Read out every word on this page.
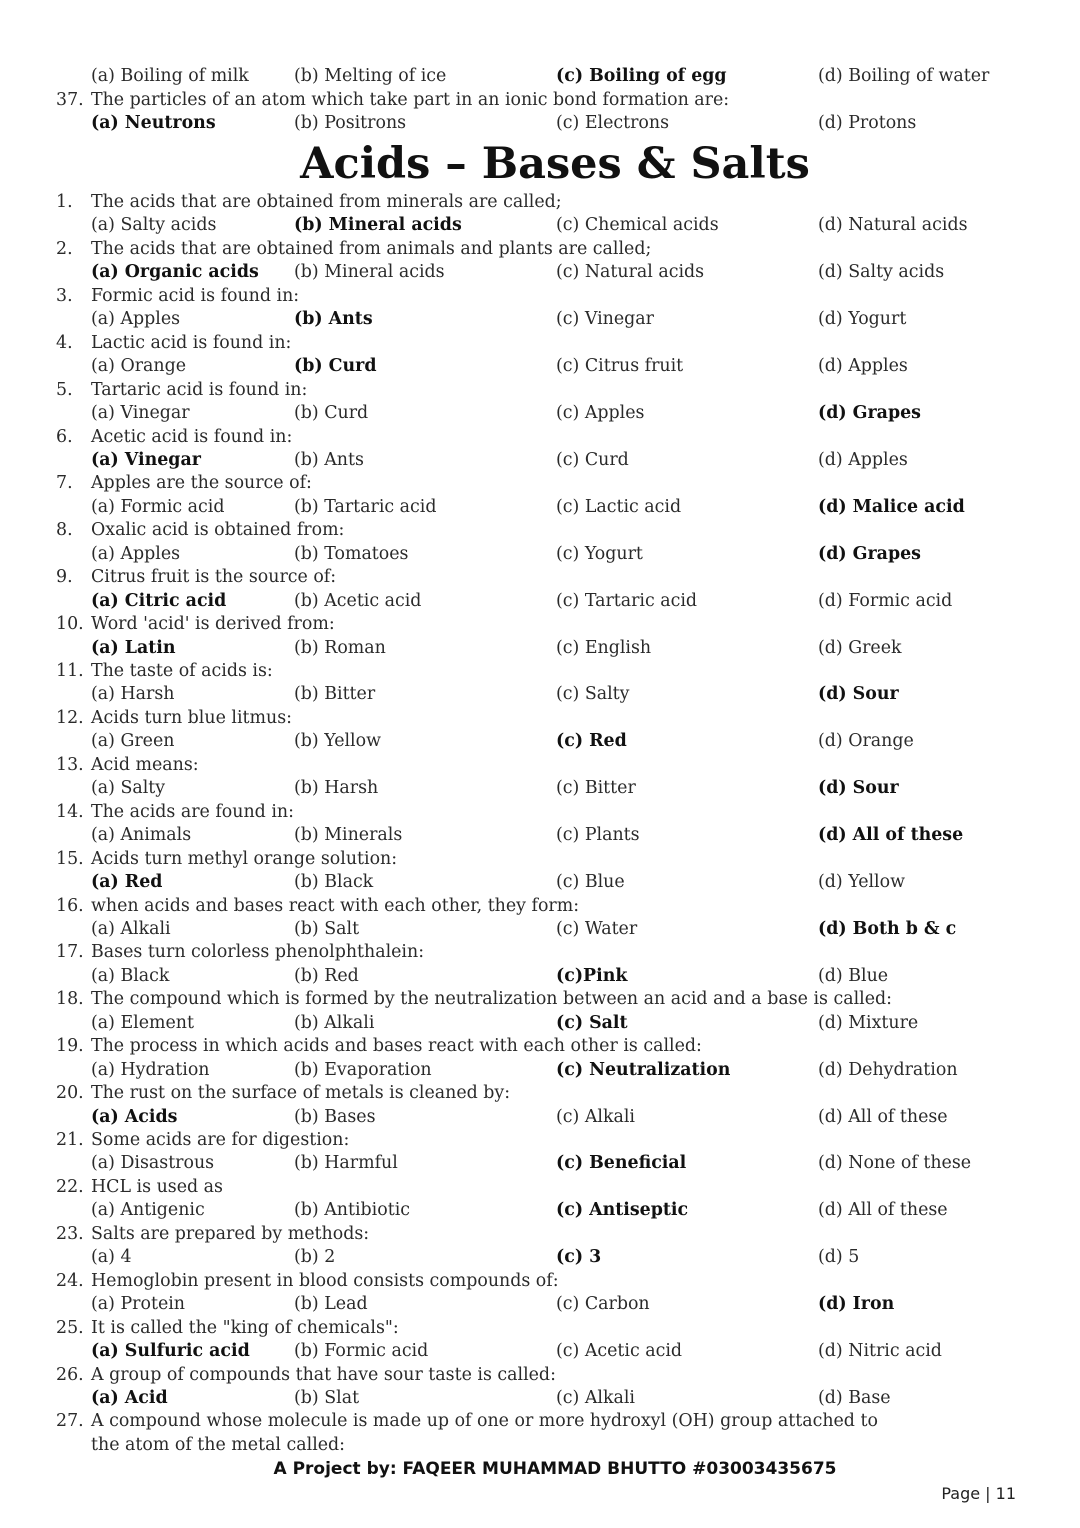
(a) Boiling of milk	(b) Melting of ice	(c) Boiling of egg	(d) Boiling of water
37. The particles of an atom which take part in an ionic bond formation are:
(a) Neutrons	(b) Positrons	(c) Electrons	(d) Protons
Acids – Bases & Salts
1.	The acids that are obtained from minerals are called;
(a) Salty acids	(b) Mineral acids	(c) Chemical acids	(d) Natural acids
2.	The acids that are obtained from animals and plants are called;
(a) Organic acids (b) Mineral acids	(c) Natural acids	(d) Salty acids
3.	Formic acid is found in:
(a) Apples	(b) Ants	(c) Vinegar	(d) Yogurt
4.	Lactic acid is found in:
(a) Orange	(b) Curd	(c) Citrus fruit	(d) Apples
5.	Tartaric acid is found in:
(a) Vinegar	(b) Curd	(c) Apples	(d) Grapes
6.	Acetic acid is found in:
(a) Vinegar	(b) Ants	(c) Curd	(d) Apples
7.	Apples are the source of:
(a) Formic acid	(b) Tartaric acid	(c) Lactic acid	(d) Malice acid
8.	Oxalic acid is obtained from:
(a) Apples	(b) Tomatoes	(c) Yogurt	(d) Grapes
9.	Citrus fruit is the source of:
(a) Citric acid	(b) Acetic acid	(c) Tartaric acid	(d) Formic acid
10. Word 'acid' is derived from:
(a) Latin	(b) Roman	(c) English	(d) Greek
11. The taste of acids is:
(a) Harsh	(b) Bitter	(c) Salty	(d) Sour
12. Acids turn blue litmus:
(a) Green	(b) Yellow	(c) Red	(d) Orange
13. Acid means:
(a) Salty	(b) Harsh	(c) Bitter	(d) Sour
14. The acids are found in:
(a) Animals	(b) Minerals	(c) Plants	(d) All of these
15. Acids turn methyl orange solution:
(a) Red	(b) Black	(c) Blue	(d) Yellow
16. when acids and bases react with each other, they form:
(a) Alkali	(b) Salt	(c) Water	(d) Both b & c
17. Bases turn colorless phenolphthalein:
(a) Black	(b) Red	(c)Pink	(d) Blue
18. The compound which is formed by the neutralization between an acid and a base is called:
(a) Element	(b) Alkali	(c) Salt	(d) Mixture
19. The process in which acids and bases react with each other is called:
(a) Hydration	(b) Evaporation	(c) Neutralization	(d) Dehydration
20. The rust on the surface of metals is cleaned by:
(a) Acids	(b) Bases	(c) Alkali	(d) All of these
21. Some acids are for digestion:
(a) Disastrous	(b) Harmful	(c) Beneficial	(d) None of these
22. HCL is used as
(a) Antigenic	(b) Antibiotic	(c) Antiseptic	(d) All of these
23. Salts are prepared by methods:
(a) 4	(b) 2	(c) 3	(d) 5
24. Hemoglobin present in blood consists compounds of:
(a) Protein	(b) Lead	(c) Carbon	(d) Iron
25. It is called the "king of chemicals":
(a) Sulfuric acid	(b) Formic acid	(c) Acetic acid	(d) Nitric acid
26. A group of compounds that have sour taste is called:
(a) Acid	(b) Slat	(c) Alkali	(d) Base
27. A compound whose molecule is made up of one or more hydroxyl (OH) group attached to
the atom of the metal called:
A Project by: FAQEER MUHAMMAD BHUTTO #03003435675
Page | 11
